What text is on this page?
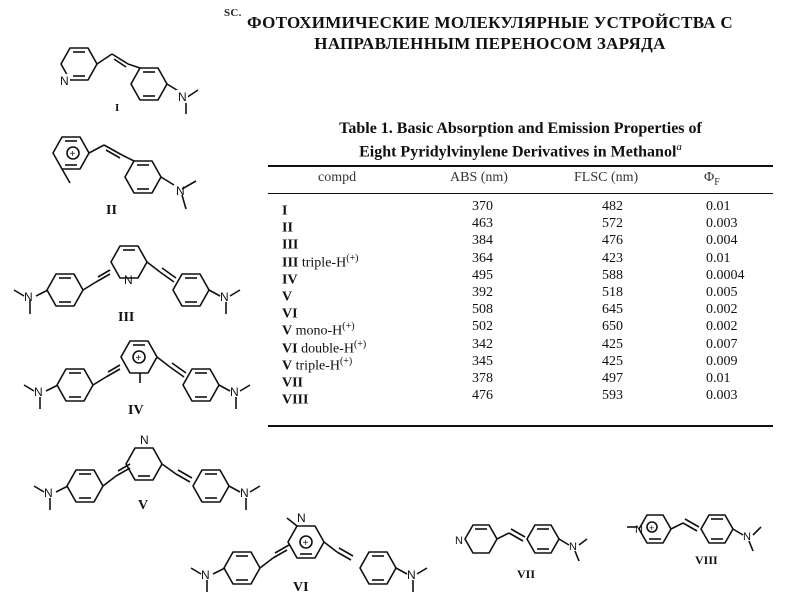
SC. ФОТОХИМИЧЕСКИЕ МОЛЕКУЛЯРНЫЕ УСТРОЙСТВА С
НАПРАВЛЕННЫМ ПЕРЕНОСОМ ЗАРЯДА
Table 1. Basic Absorption and Emission Properties of
Eight Pyridylvinylene Derivatives in Methanol$^a$
compd	ABS (nm)	FLSC (nm)	$\Phi_F$
I	370	482	0.01
II	463	572	0.003
III	384	476	0.004
III triple-H(+)	364	423	0.01
IV	495	588	0.0004
V	392	518	0.005
VI	508	645	0.002
V mono-H(+)	502	650	0.002
VI double-H(+)	342	425	0.007
V triple-H(+)	345	425	0.009
VII	378	497	0.01
VIII	476	593	0.003
N
N
I
+
N
II
N
N
N
III
N
+
N
IV
N
N
N
V
N
+
N
N
VI
N	N
VII
+
N
N
VIII
